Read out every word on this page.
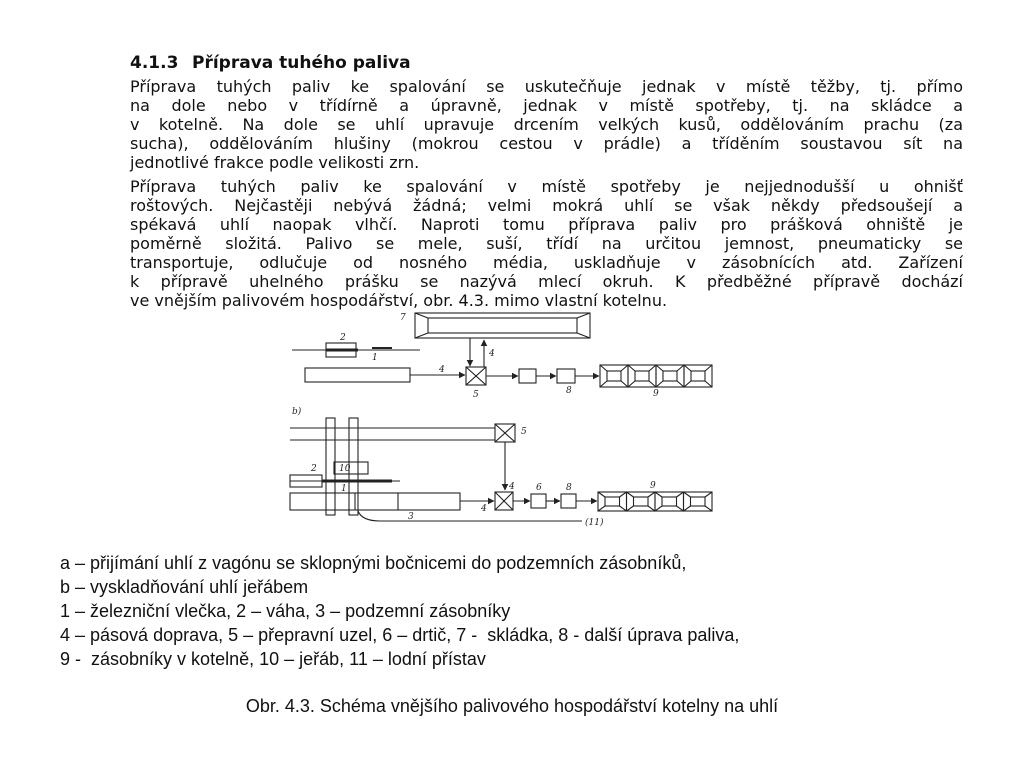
4.1.3 Příprava tuhého paliva
Příprava tuhých paliv ke spalování se uskutečňuje jednak v místě těžby, tj. přímo
na dole nebo v třídírně a úpravně, jednak v místě spotřeby, tj. na skládce a
v kotelně. Na dole se uhlí upravuje drcením velkých kusů, oddělováním prachu (za
sucha), oddělováním hlušiny (mokrou cestou v prádle) a tříděním soustavou sít na
jednotlivé frakce podle velikosti zrn.
Příprava tuhých paliv ke spalování v místě spotřeby je nejjednodušší u ohnišť
roštových. Nejčastěji nebývá žádná; velmi mokrá uhlí se však někdy předsoušejí a
spékavá uhlí naopak vlhčí. Naproti tomu příprava paliv pro prášková ohniště je
poměrně složitá. Palivo se mele, suší, třídí na určitou jemnost, pneumaticky se
transportuje, odlučuje od nosného média, uskladňuje v zásobnících atd. Zařízení
k přípravě uhelného prášku se nazývá mlecí okruh. K předběžné přípravě dochází
ve vnějším palivovém hospodářství, obr. 4.3. mimo vlastní kotelnu.
7
4
5
2
1
4
8	9
b)
5
10
2
1
3
4
4 6	8	9
(11)
a – přijímání uhlí z vagónu se sklopnými bočnicemi do podzemních zásobníků,
b – vyskladňování uhlí jeřábem
1 – železniční vlečka, 2 – váha, 3 – podzemní zásobníky
4 – pásová doprava, 5 – přepravní uzel, 6 – drtič, 7 -  skládka, 8 - další úprava paliva,
9 -  zásobníky v kotelně, 10 – jeřáb, 11 – lodní přístav
Obr. 4.3. Schéma vnějšího palivového hospodářství kotelny na uhlí
